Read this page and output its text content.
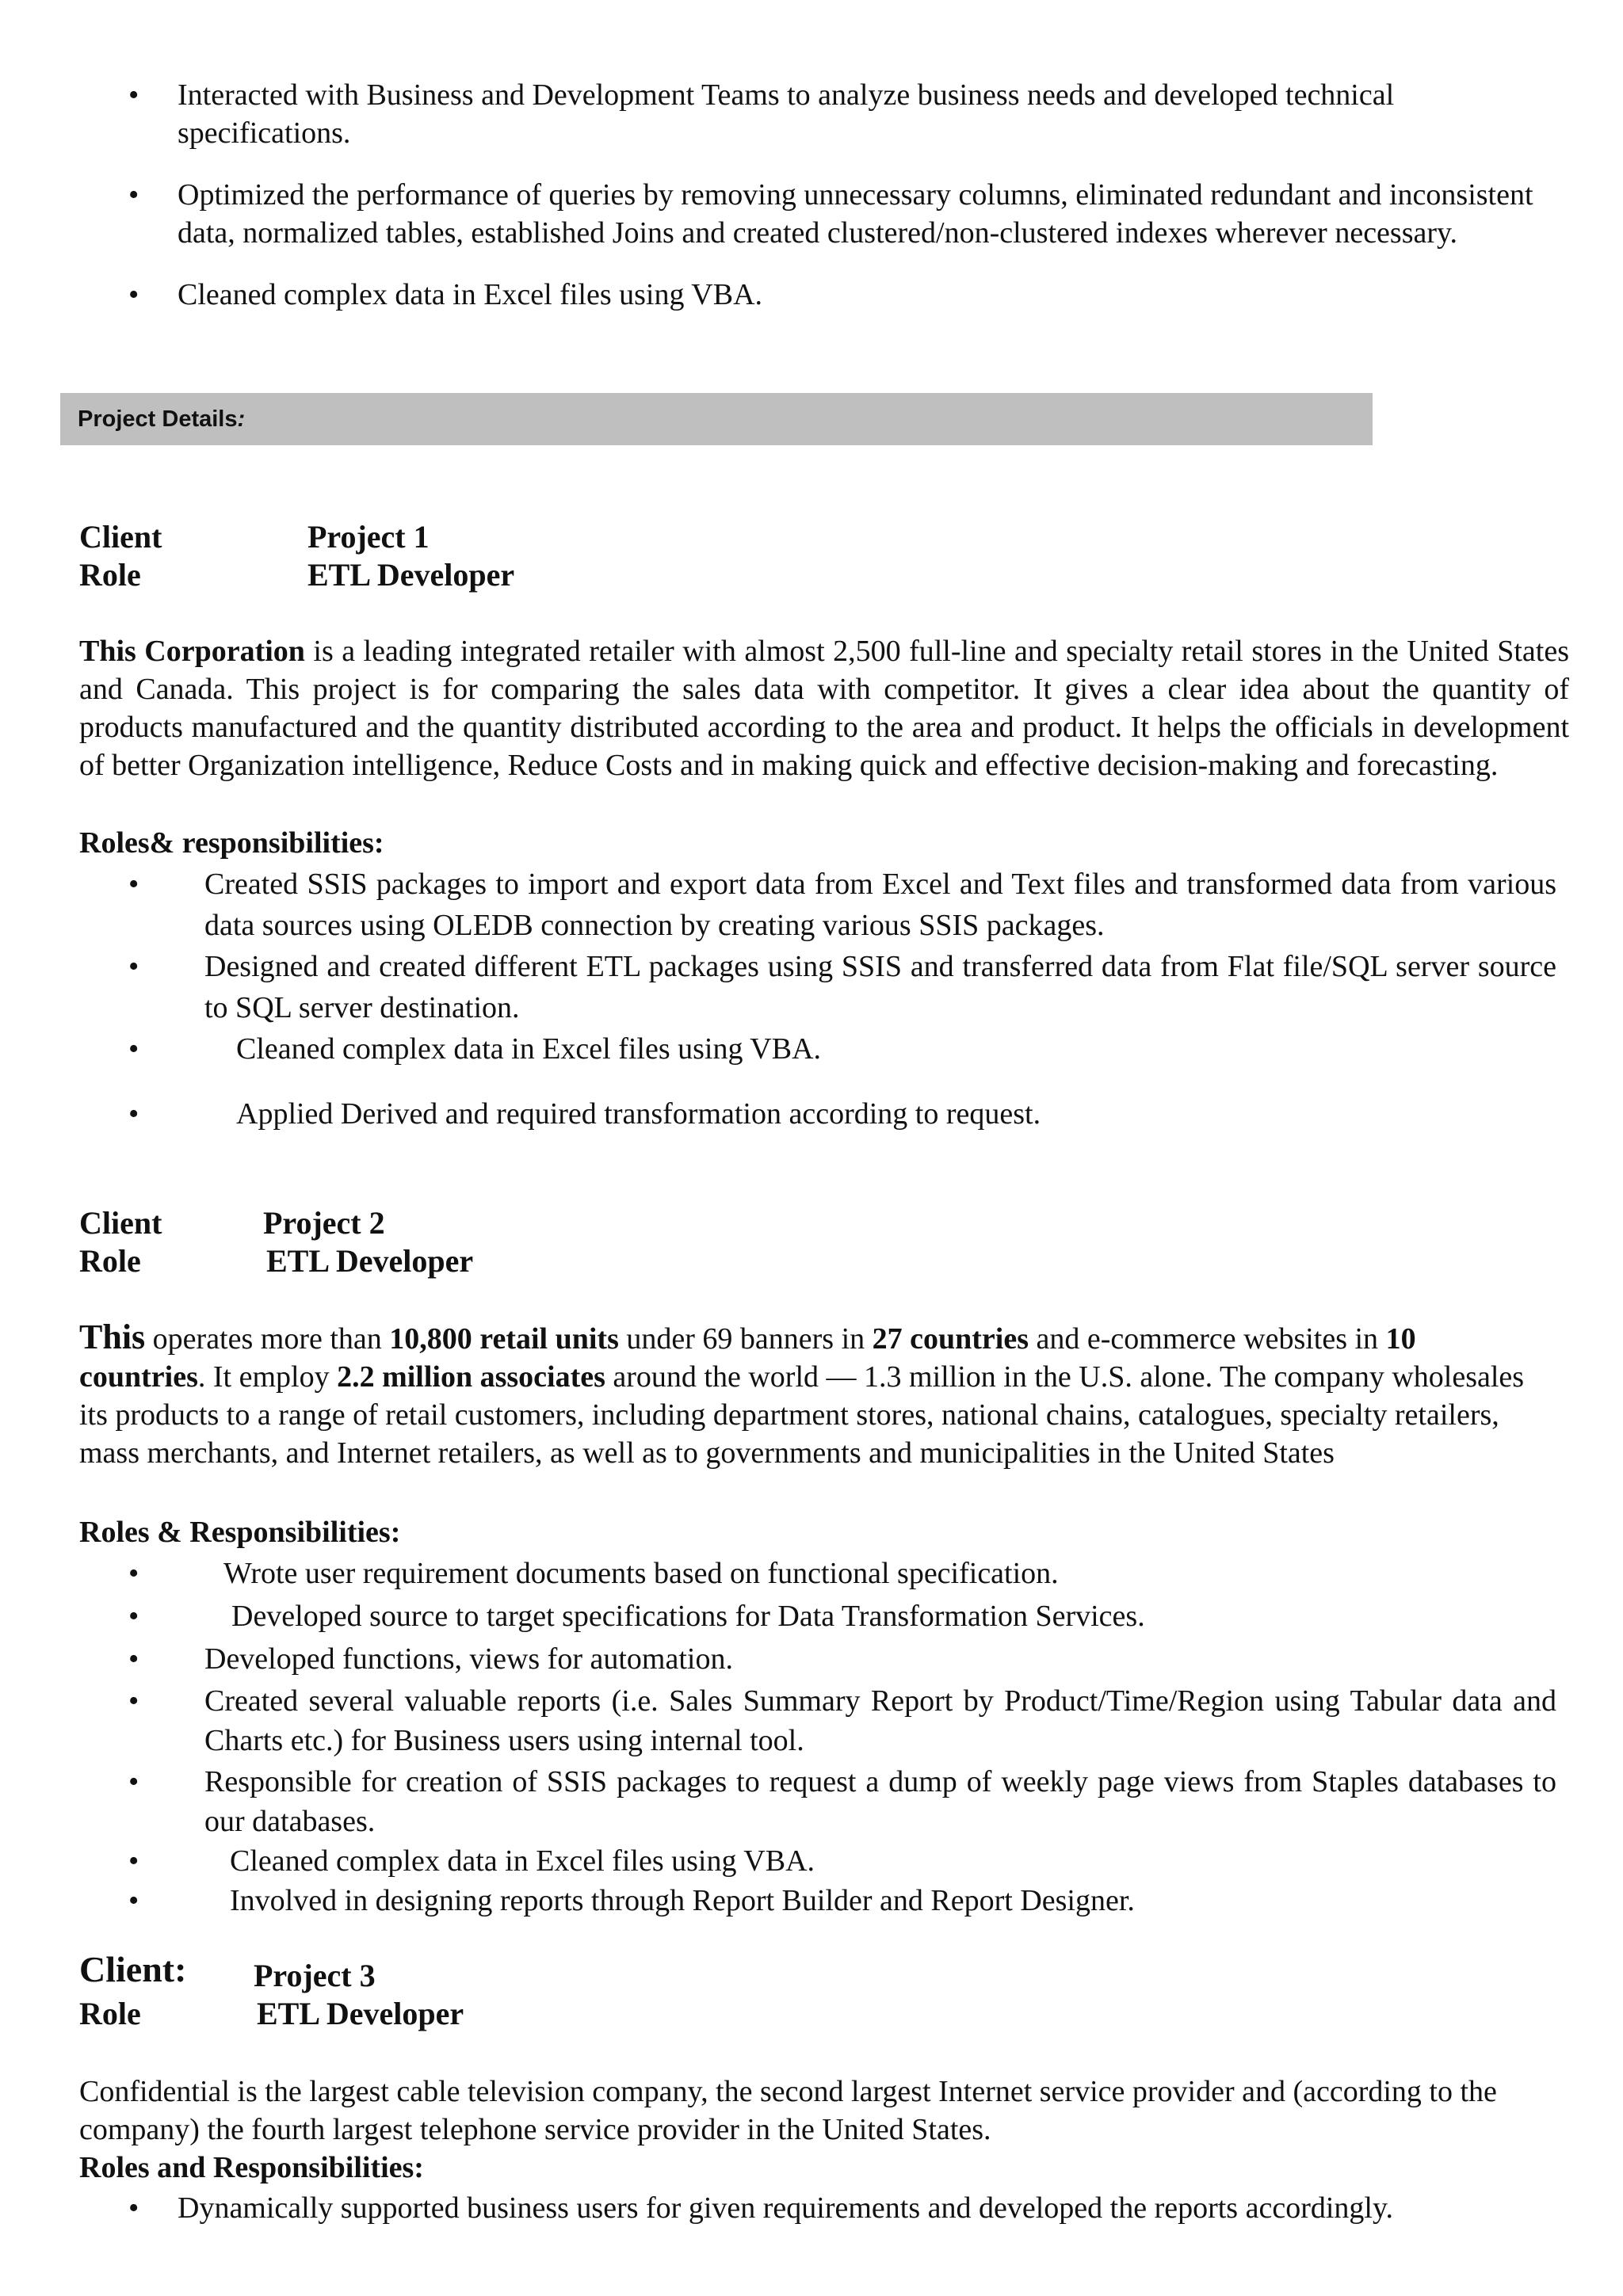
• Interacted with Business and Development Teams to analyze business needs and developed technical specifications.
• Optimized the performance of queries by removing unnecessary columns, eliminated redundant and inconsistent data, normalized tables, established Joins and created clustered/non-clustered indexes wherever necessary.
• Cleaned complex data in Excel files using VBA.
Project Details:
Client	Project 1
Role	ETL Developer

This Corporation is a leading integrated retailer with almost 2,500 full-line and specialty retail stores in the United States and Canada. This project is for comparing the sales data with competitor. It gives a clear idea about the quantity of products manufactured and the quantity distributed according to the area and product. It helps the officials in development of better Organization intelligence, Reduce Costs and in making quick and effective decision-making and forecasting.

Roles& responsibilities:
• Created SSIS packages to import and export data from Excel and Text files and transformed data from various data sources using OLEDB connection by creating various SSIS packages.
• Designed and created different ETL packages using SSIS and transferred data from Flat file/SQL server source to SQL server destination.
• Cleaned complex data in Excel files using VBA.
• Applied Derived and required transformation according to request.
Client	Project 2
Role	ETL Developer

This operates more than 10,800 retail units under 69 banners in 27 countries and e-commerce websites in 10 countries. It employ 2.2 million associates around the world — 1.3 million in the U.S. alone. The company wholesales its products to a range of retail customers, including department stores, national chains, catalogues, specialty retailers, mass merchants, and Internet retailers, as well as to governments and municipalities in the United States

Roles & Responsibilities:
• Wrote user requirement documents based on functional specification.
• Developed source to target specifications for Data Transformation Services.
• Developed functions, views for automation.
• Created several valuable reports (i.e. Sales Summary Report by Product/Time/Region using Tabular data and Charts etc.) for Business users using internal tool.
• Responsible for creation of SSIS packages to request a dump of weekly page views from Staples databases to our databases.
• Cleaned complex data in Excel files using VBA.
• Involved in designing reports through Report Builder and Report Designer.
Client: Project 3
Role	ETL Developer

Confidential is the largest cable television company, the second largest Internet service provider and (according to the company) the fourth largest telephone service provider in the United States.

Roles and Responsibilities:
• Dynamically supported business users for given requirements and developed the reports accordingly.
